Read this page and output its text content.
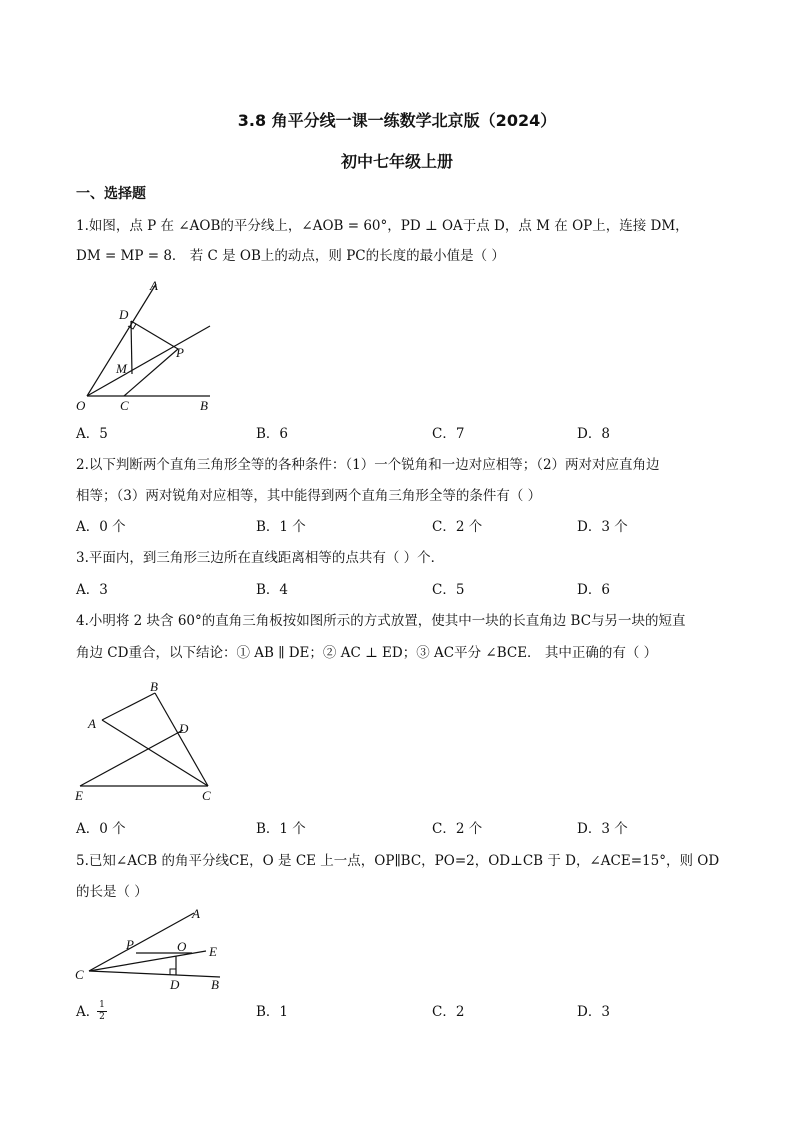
3.8 角平分线一课一练数学北京版（2024）
初中七年级上册
一、选择题
1.如图，点 P 在 ∠AOB的平分线上，∠AOB = 60°，PD ⊥ OA于点 D，点 M 在 OP上，连接 DM，
DM = MP = 8． 若 C 是 OB上的动点，则 PC的长度的最小值是（ ）
A
D
P
M
O	C	B
A．5	B．6	C．7	D．8
2.以下判断两个直角三角形全等的各种条件：（1）一个锐角和一边对应相等；（2）两对对应直角边
相等；（3）两对锐角对应相等，其中能得到两个直角三角形全等的条件有（ ）
A．0 个	B．1 个	C．2 个	D．3 个
3.平面内，到三角形三边所在直线距离相等的点共有（ ）个．
A．3	B．4	C．5	D．6
4.小明将 2 块含 60°的直角三角板按如图所示的方式放置，使其中一块的长直角边 BC与另一块的短直
角边 CD重合，以下结论：① AB ∥ DE；② AC ⊥ ED；③ AC平分 ∠BCE． 其中正确的有（ ）
B
A	D
E	C
A．0 个	B．1 个	C．2 个	D．3 个
5.已知∠ACB 的角平分线CE，O 是 CE 上一点，OP∥BC，PO=2，OD⊥CB 于 D，∠ACE=15°，则 OD
的长是（ ）
A
P	O E
C
D B
A． 1
2	B．1	C．2	D．3
